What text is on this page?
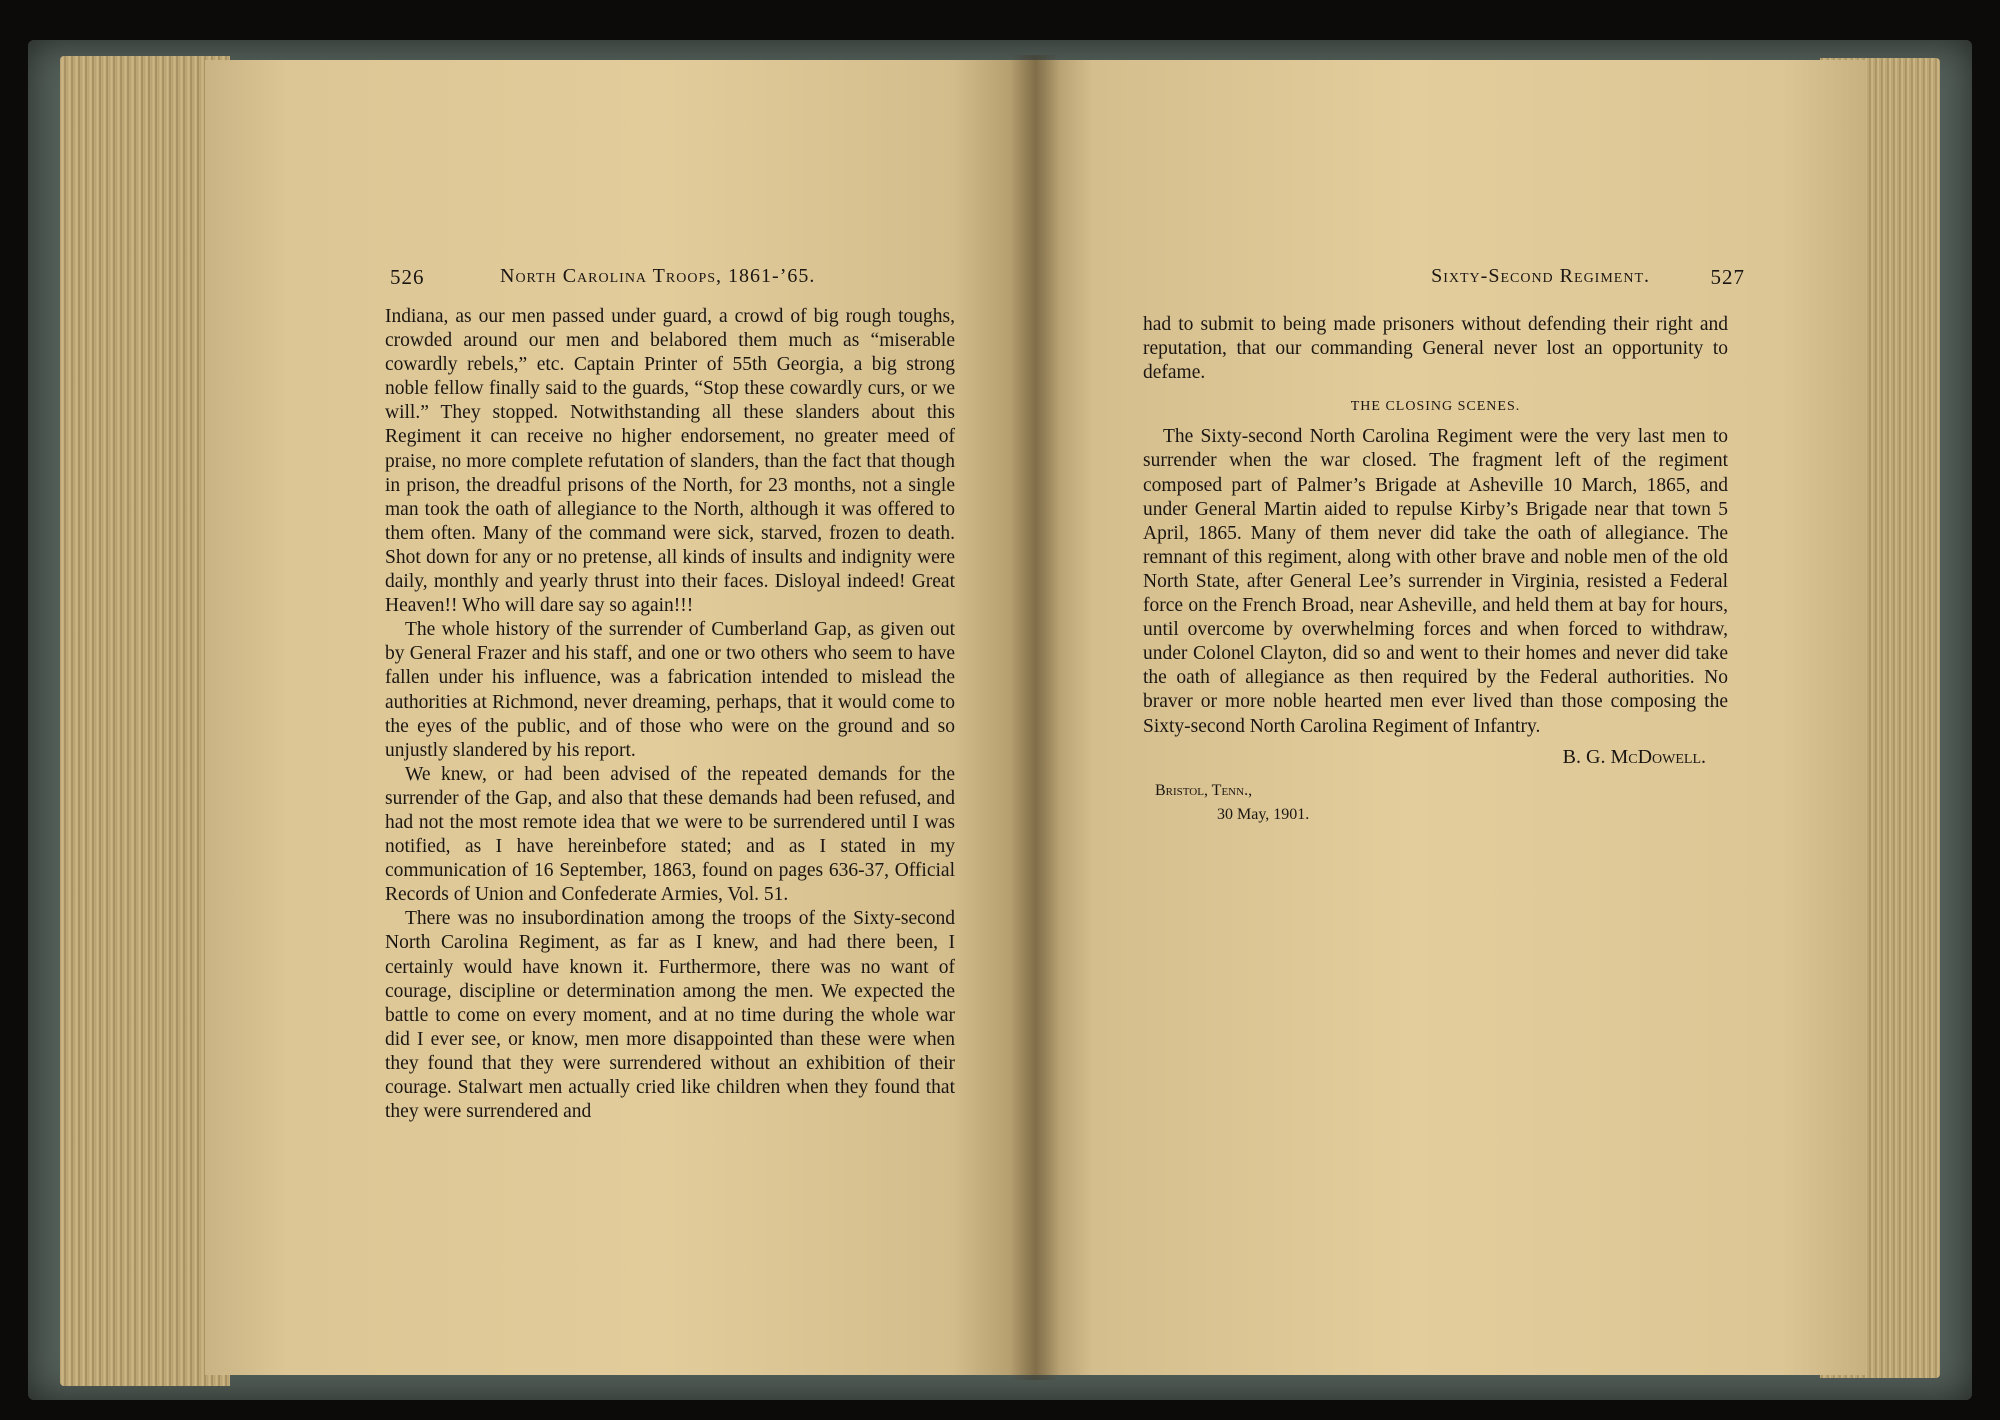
526	North Carolina Troops, 1861-’65.

Indiana, as our men passed under guard, a crowd of big rough toughs, crowded around our men and belabored them much as “miserable cowardly rebels,” etc. Captain Printer of 55th Georgia, a big strong noble fellow finally said to the guards, “Stop these cowardly curs, or we will.” They stopped. Notwithstanding all these slanders about this Regiment it can receive no higher endorsement, no greater meed of praise, no more complete refutation of slanders, than the fact that though in prison, the dreadful prisons of the North, for 23 months, not a single man took the oath of allegiance to the North, although it was offered to them often. Many of the command were sick, starved, frozen to death. Shot down for any or no pretense, all kinds of insults and indignity were daily, monthly and yearly thrust into their faces. Disloyal indeed! Great Heaven!! Who will dare say so again!!!

The whole history of the surrender of Cumberland Gap, as given out by General Frazer and his staff, and one or two others who seem to have fallen under his influence, was a fabrication intended to mislead the authorities at Richmond, never dreaming, perhaps, that it would come to the eyes of the public, and of those who were on the ground and so unjustly slandered by his report.

We knew, or had been advised of the repeated demands for the surrender of the Gap, and also that these demands had been refused, and had not the most remote idea that we were to be surrendered until I was notified, as I have hereinbefore stated; and as I stated in my communication of 16 September, 1863, found on pages 636-37, Official Records of Union and Confederate Armies, Vol. 51.

There was no insubordination among the troops of the Sixty-second North Carolina Regiment, as far as I knew, and had there been, I certainly would have known it. Furthermore, there was no want of courage, discipline or determination among the men. We expected the battle to come on every moment, and at no time during the whole war did I ever see, or know, men more disappointed than these were when they found that they were surrendered without an exhibition of their courage. Stalwart men actually cried like children when they found that they were surrendered and

Sixty-Second Regiment.	527

had to submit to being made prisoners without defending their right and reputation, that our commanding General never lost an opportunity to defame.

THE CLOSING SCENES.

The Sixty-second North Carolina Regiment were the very last men to surrender when the war closed. The fragment left of the regiment composed part of Palmer’s Brigade at Asheville 10 March, 1865, and under General Martin aided to repulse Kirby’s Brigade near that town 5 April, 1865. Many of them never did take the oath of allegiance. The remnant of this regiment, along with other brave and noble men of the old North State, after General Lee’s surrender in Virginia, resisted a Federal force on the French Broad, near Asheville, and held them at bay for hours, until overcome by overwhelming forces and when forced to withdraw, under Colonel Clayton, did so and went to their homes and never did take the oath of allegiance as then required by the Federal authorities. No braver or more noble hearted men ever lived than those composing the Sixty-second North Carolina Regiment of Infantry.

B. G. McDowell.
Bristol, Tenn.,
30 May, 1901.
